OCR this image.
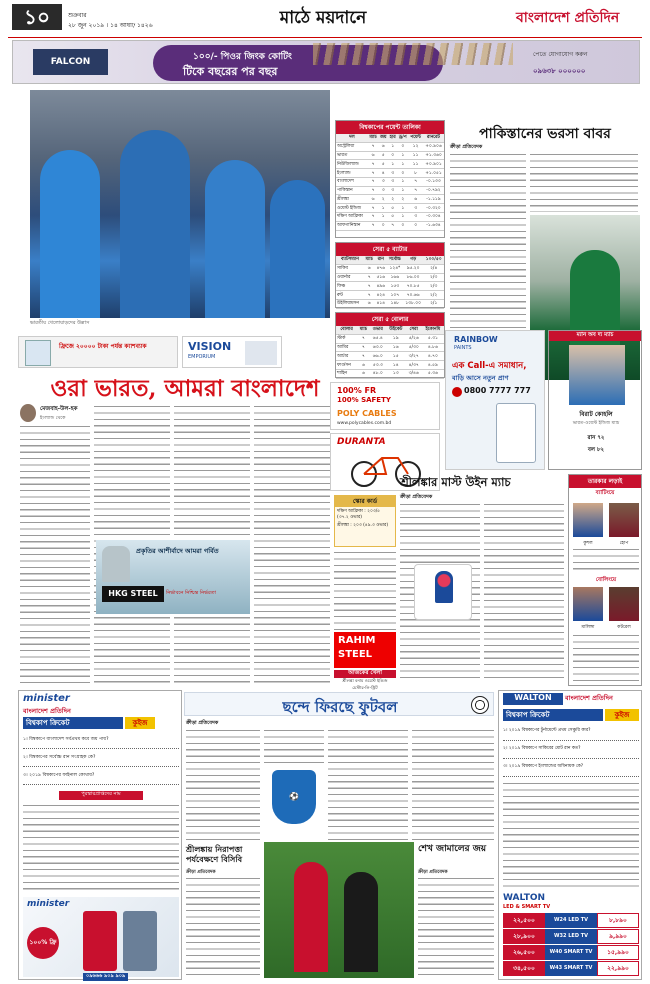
১০	শুক্রবার
২৮ জুন ২০১৯ । ১৪ আষাঢ় ১৪২৬	মাঠে ময়দানে	বাংলাদেশ প্রতিদিন
FALCON	১০০/- পিওর জিংক কোটিং
টিকে বছরের পর বছর
পেতে যোগাযোগ করুন
০৯৬৩৮ ০০০০০০
ভারতীয় খেলোয়াড়দের উল্লাস
বিশ্বকাপের পয়েন্ট তালিকা
দল	ম্যাচ	জয়	হার	ড্র/প	পয়েন্ট	রানরেট
অস্ট্রেলিয়া	৭	৬	১	০	১২	+০.৯০৬
ভারত	৬	৫	০	১	১১	+১.৩৬০
নিউজিল্যান্ড	৭	৫	১	১	১১	+০.৯০১
ইংল্যান্ড	৭	৪	৩	০	৮	+১.০৫১
বাংলাদেশ	৭	৩	৩	১	৭	-০.১৩৩
পাকিস্তান	৭	৩	৩	১	৭	-০.৭৯২
শ্রীলঙ্কা	৬	২	২	২	৬	-১.১১৯
ওয়েস্ট ইন্ডিজ	৭	১	৫	১	৩	-০.৩২০
দক্ষিণ আফ্রিকা	৭	১	৫	১	৩	-০.৩০৪
আফগানিস্তান	৭	০	৭	০	০	-১.৬৩৪
সেরা ৫ ব্যাটার
ব্যাটসম্যান	ম্যাচ	রান	সর্বোচ্চ	গড়	১০০/৫০
সাকিব	৬	৪৭৬	১২৪*	৯৫.২০	২/৪
ওয়ার্নার	৭	৫১৬	১৬৬	৮৬.০০	২/৩
ফিঞ্চ	৭	৪৯৬	১৫৩	৭০.৮৫	২/৩
রুট	৭	৪২৪	১০৭	৭০.৬৬	২/২
উইলিয়ামসন	৬	৪১৪	১৪৮	১৩৮.০০	২/১
সেরা ৫ বোলার
বোলার	ম্যাচ	ওভার	উইকেট	সেরা	ইকোনমি
স্টার্ক	৭	৬৫.৪	১৯	৫/২৬	৫.৩১
আমির	৭	৬৩.০	১৬	৫/৩০	৪.৮৬
আর্চার	৭	৬৬.০	১৫	৩/২৭	৪.৭০
ফার্গুসন	৬	৫৩.৩	১৪	৪/৩৭	৪.৫৯
শাহিন	৬	৪৮.০	১৩	৩/৪৬	৫.৩৬
পাকিস্তানের ভরসা বাবর
ক্রীড়া প্রতিবেদক
ফ্রিজে ২০০০০ টাকা পর্যন্ত ক্যাশব্যাক	VISION
EMPORIUM
ওরা ভারত, আমরা বাংলাদেশ
মেজবাহ-উল-হক
ইংল্যান্ড থেকে
প্রকৃতির আশীর্বাদে আমরা গর্বিত
HKG STEEL	নির্ভাবনে নিশ্চিন্ত নির্ভরতা
100% FR
100% SAFETY
POLY CABLES
www.polycables.com.bd
DURANTA
RAINBOW
PAINTS
এক Call-এ সমাধান,
বাড়ি আসে নতুন প্রাণ
0800 7777 777
ম্যান অব দ্য ম্যাচ
বিরাট কোহলি
ভারত-ওয়েস্ট ইন্ডিজ ম্যাচ
রান ৭২
বল ৮২
শ্রীলঙ্কার মাস্ট উইন ম্যাচ
ক্রীড়া প্রতিবেদক
স্কোর কার্ড
দক্ষিণ আফ্রিকা : ২০৩/৫ (৩৭.২ ওভার)
শ্রীলঙ্কা : ২০৩ (৪৯.৩ ওভার)
RAHIM
STEEL
আজকের খেলা
শ্রীলঙ্কা বনাম ওয়েস্ট ইন্ডিজ
চেস্টার-লি-স্ট্রিট
তারকার লড়াই
ব্যাটিংয়ে
কুশল	হোপ
বোলিংয়ে
মালিঙ্গা	কটরেল
minister
বাংলাদেশ প্রতিদিন
বিশ্বকাপ ক্রিকেট	কুইজ
১। বিশ্বকাপে বাংলাদেশ সর্বপ্রথম কবে জয় পায়?
২। বিশ্বকাপের সর্বোচ্চ রান সংগ্রাহক কে?
৩। ২০১৯ বিশ্বকাপের ফাইনাল কোথায়?
পুরস্কারপ্রাপ্তদের নাম
minister
১০০% ফ্রি
০৯৬৬৬ ৯০৯ ৯০৯
ছন্দে ফিরছে ফুটবল
ক্রীড়া প্রতিবেদক
⚽
শ্রীলঙ্কায় নিরাপত্তা পর্যবেক্ষণে বিসিবি
ক্রীড়া প্রতিবেদক
শেখ জামালের জয়
ক্রীড়া প্রতিবেদক
WALTON	বাংলাদেশ প্রতিদিন
বিশ্বকাপ ক্রিকেট	কুইজ
১। ২০১৯ বিশ্বকাপের টুর্নামেন্টে প্রথম সেঞ্চুরি কার?
২। ২০১৯ বিশ্বকাপে সাকিবের মোট রান কত?
৩। ২০১৯ বিশ্বকাপে ইংল্যান্ডের অধিনায়ক কে?
WALTON
LED & SMART TV
২২,৫০০	W24 LED TV	৮,৮৯০
২৮,৯০০	W32 LED TV	৯,৯৯০
২৬,৫০০	W40 SMART TV	১৫,৯৯০
৩৪,৫০০	W43 SMART TV	২২,৯৯০
